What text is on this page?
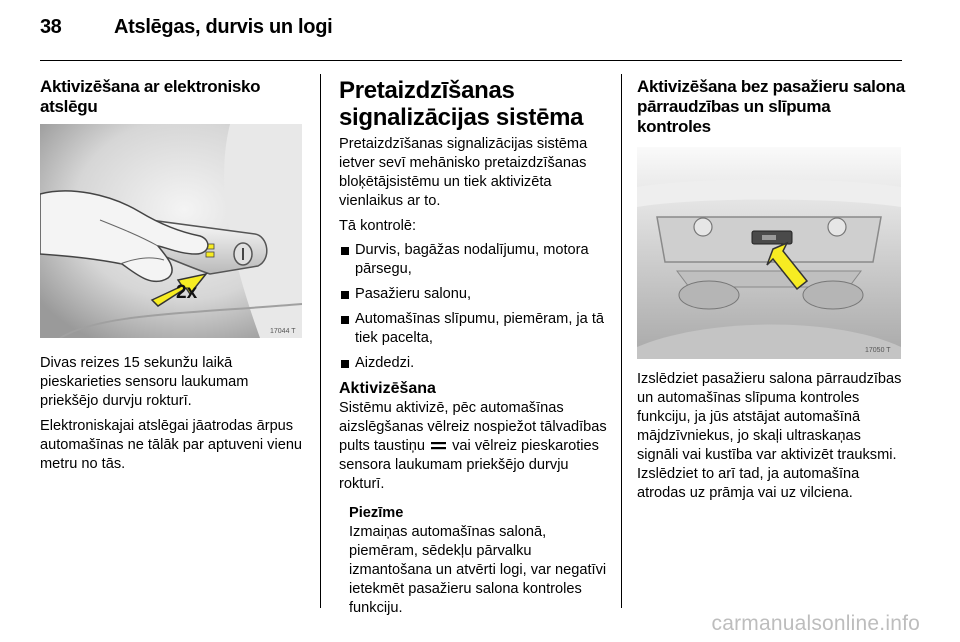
38	Atslēgas, durvis un logi
Aktivizēšana ar elektronisko atslēgu
2x
17044 T

Divas reizes 15 sekunžu laikā pieskarieties sensoru laukumam priekšējo durvju rokturī.

Elektroniskajai atslēgai jāatrodas ārpus automašīnas ne tālāk par aptuveni vienu metru no tās.

Pretaizdzīšanas signalizācijas sistēma

Pretaizdzīšanas signalizācijas sistēma ietver sevī mehānisko pretaizdzīšanas bloķētājsistēmu un tiek aktivizēta vienlaikus ar to.

Tā kontrolē:

Durvis, bagāžas nodalījumu, motora pārsegu,
Pasažieru salonu,
Automašīnas slīpumu, piemēram, ja tā tiek pacelta,
Aizdedzi.
Aktivizēšana

Sistēmu aktivizē, pēc automašīnas aizslēgšanas vēlreiz nospiežot tālvadības pults taustiņu vai vēlreiz pieskaroties sensora laukumam priekšējo durvju rokturī.

Piezīme

Izmaiņas automašīnas salonā, piemēram, sēdekļu pārvalku izmantošana un atvērti logi, var negatīvi ietekmēt pasažieru salona kontroles funkciju.

Aktivizēšana bez pasažieru salona pārraudzības un slīpuma kontroles
17050 T

Izslēdziet pasažieru salona pārraudzības un automašīnas slīpuma kontroles funkciju, ja jūs atstājat automašīnā mājdzīvniekus, jo skaļi ultraskaņas signāli vai kustība var aktivizēt trauksmi. Izslēdziet to arī tad, ja automašīna atrodas uz prāmja vai uz vilciena.

carmanualsonline.info
